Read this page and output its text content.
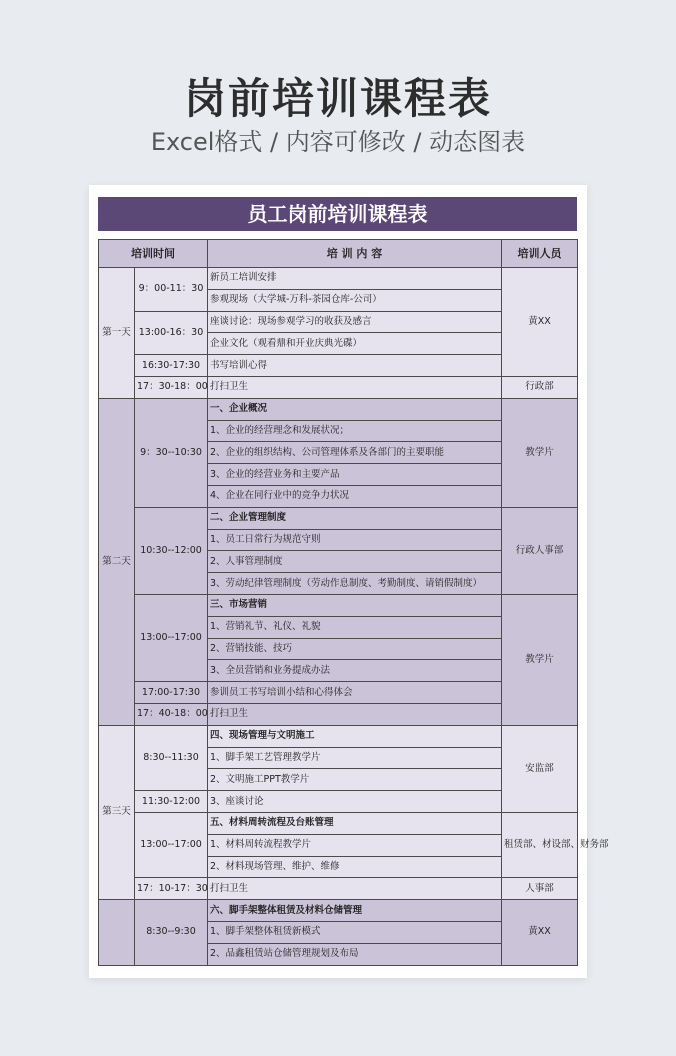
岗前培训课程表
Excel格式 / 内容可修改 / 动态图表
员工岗前培训课程表
培训时间		培 训 内 容	培训人员
第一天	9：00-11：30	新员工培训安排	黄XX
		参观现场（大学城-万科-茶园仓库-公司）	
	13:00-16：30	座谈讨论：现场参观学习的收获及感言	
		企业文化（观看鼎和开业庆典光碟）	
	16:30-17:30	书写培训心得	
	17：30-18：00	打扫卫生	行政部
第二天	9：30--10:30	一、企业概况	教学片
		1、企业的经营理念和发展状况；	
		2、企业的组织结构、公司管理体系及各部门的主要职能	
		3、企业的经营业务和主要产品	
		4、企业在同行业中的竞争力状况	
	10:30--12:00	二、企业管理制度	行政人事部
		1、员工日常行为规范守则	
		2、人事管理制度	
		3、劳动纪律管理制度（劳动作息制度、考勤制度、请销假制度）	
	13:00--17:00	三、市场营销	教学片
		1、营销礼节、礼仪、礼貌	
		2、营销技能、技巧	
		3、全员营销和业务提成办法	
	17:00-17:30	参训员工书写培训小结和心得体会	
	17：40-18：00	打扫卫生	
第三天	8:30--11:30	四、现场管理与文明施工	安监部
		1、脚手架工艺管理教学片	
		2、文明施工PPT教学片	
	11:30-12:00	3、座谈讨论	
	13:00--17:00	五、材料周转流程及台账管理	租赁部、材设部、财务部
		1、材料周转流程教学片	
		2、材料现场管理、维护、维修	
	17：10-17：30	打扫卫生	人事部
	8:30--9:30	六、脚手架整体租赁及材料仓储管理	黄XX
		1、脚手架整体租赁新模式	
		2、品鑫租赁站仓储管理规划及布局	
